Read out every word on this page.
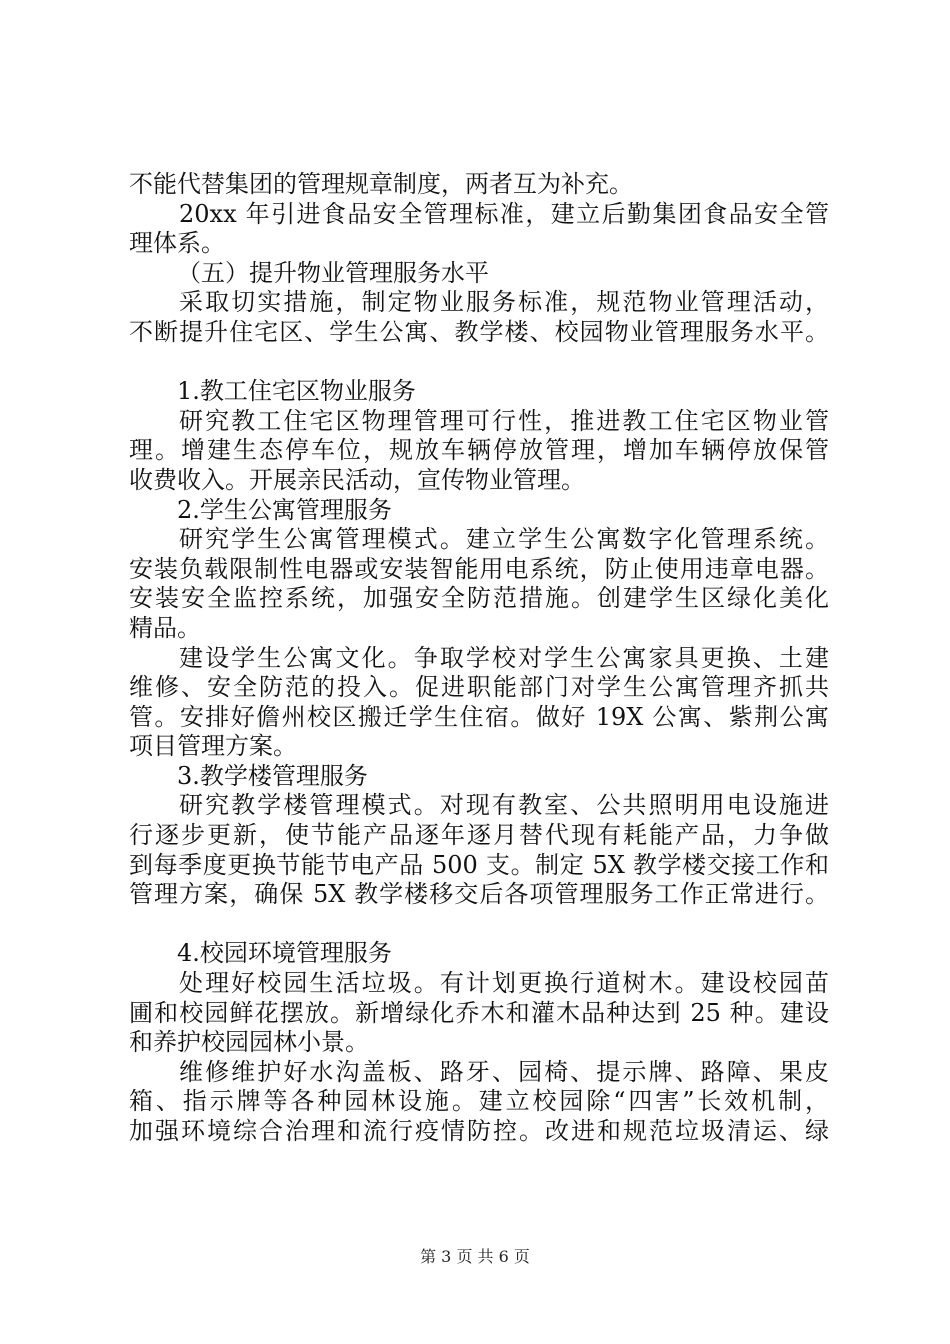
不能代替集团的管理规章制度，两者互为补充。
20xx 年引进食品安全管理标准，建立后勤集团食品安全管
理体系。
（五）提升物业管理服务水平
采取切实措施，制定物业服务标准，规范物业管理活动，
不断提升住宅区、学生公寓、教学楼、校园物业管理服务水平。
1.教工住宅区物业服务
研究教工住宅区物理管理可行性，推进教工住宅区物业管
理。增建生态停车位，规放车辆停放管理，增加车辆停放保管
收费收入。开展亲民活动，宣传物业管理。
2.学生公寓管理服务
研究学生公寓管理模式。建立学生公寓数字化管理系统。
安装负载限制性电器或安装智能用电系统，防止使用违章电器。
安装安全监控系统，加强安全防范措施。创建学生区绿化美化
精品。
建设学生公寓文化。争取学校对学生公寓家具更换、土建
维修、安全防范的投入。促进职能部门对学生公寓管理齐抓共
管。安排好儋州校区搬迁学生住宿。做好 19X 公寓、紫荆公寓
项目管理方案。
3.教学楼管理服务
研究教学楼管理模式。对现有教室、公共照明用电设施进
行逐步更新，使节能产品逐年逐月替代现有耗能产品，力争做
到每季度更换节能节电产品 500 支。制定 5X 教学楼交接工作和
管理方案，确保 5X 教学楼移交后各项管理服务工作正常进行。
4.校园环境管理服务
处理好校园生活垃圾。有计划更换行道树木。建设校园苗
圃和校园鲜花摆放。新增绿化乔木和灌木品种达到 25 种。建设
和养护校园园林小景。
维修维护好水沟盖板、路牙、园椅、提示牌、路障、果皮
箱、指示牌等各种园林设施。建立校园除“四害”长效机制，
加强环境综合治理和流行疫情防控。改进和规范垃圾清运、绿
第 3 页 共 6 页
